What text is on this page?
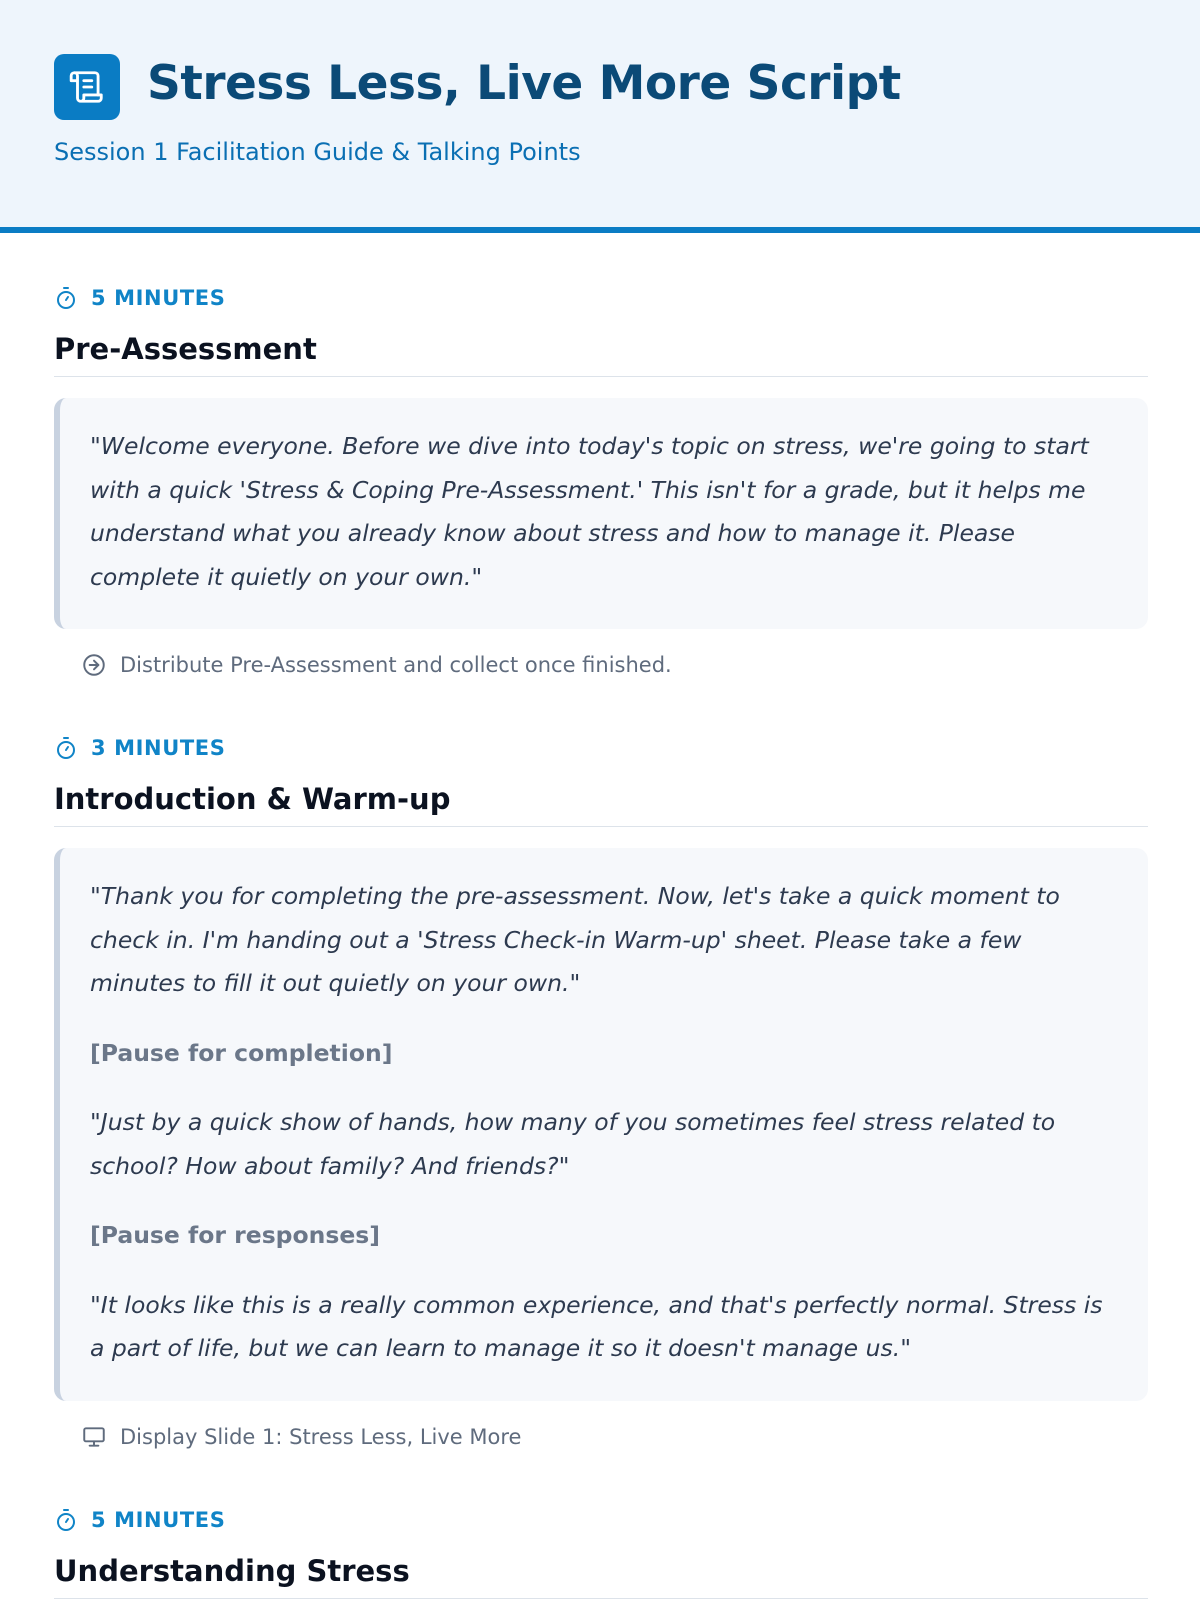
Stress Less, Live More Script
Session 1 Facilitation Guide & Talking Points
5 MINUTES
Pre-Assessment

"Welcome everyone. Before we dive into today's topic on stress, we're going to start with a quick 'Stress & Coping Pre-Assessment.' This isn't for a grade, but it helps me understand what you already know about stress and how to manage it. Please complete it quietly on your own."

Distribute Pre-Assessment and collect once finished.
3 MINUTES
Introduction & Warm-up

"Thank you for completing the pre-assessment. Now, let's take a quick moment to check in. I'm handing out a 'Stress Check-in Warm-up' sheet. Please take a few minutes to fill it out quietly on your own."

[Pause for completion]

"Just by a quick show of hands, how many of you sometimes feel stress related to school? How about family? And friends?"

[Pause for responses]

"It looks like this is a really common experience, and that's perfectly normal. Stress is a part of life, but we can learn to manage it so it doesn't manage us."

Display Slide 1: Stress Less, Live More
5 MINUTES
Understanding Stress
